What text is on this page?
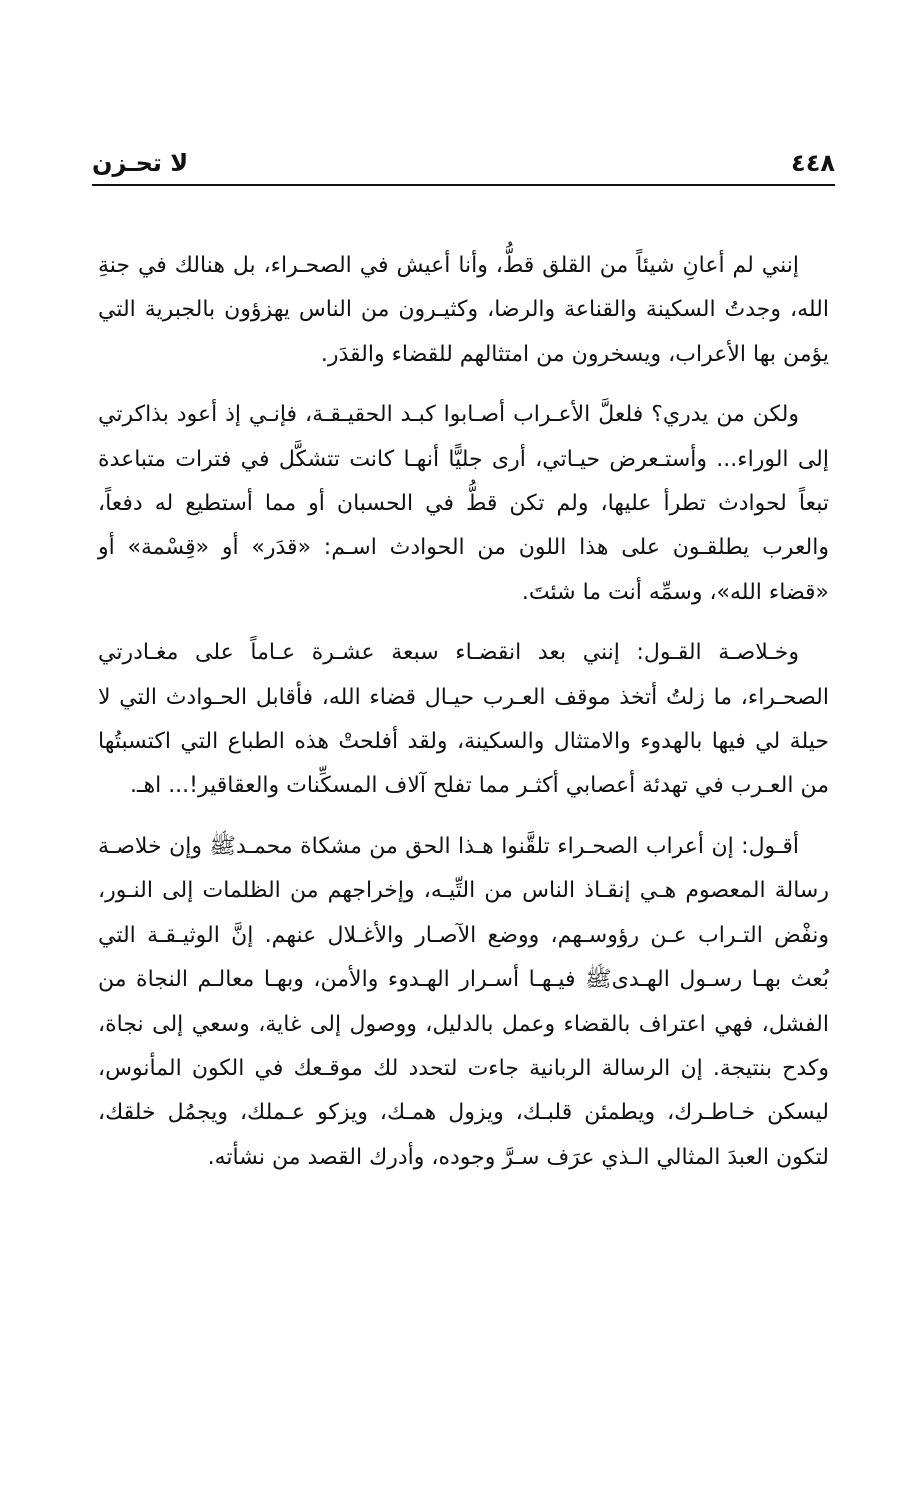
لا تحـزن	٤٤٨

إنني لم أعانِ شيئاً من القلق قطُّ، وأنا أعيش في الصحـراء، بل هنالك في جنةِ الله، وجدتُ السكينة والقناعة والرضا، وكثيـرون من الناس يهزؤون بالجبرية التي يؤمن بها الأعراب، ويسخرون من امتثالهم للقضاء والقدَر.

ولكن من يدري؟ فلعلَّ الأعـراب أصـابوا كبـد الحقيـقـة، فإنـي إذ أعود بذاكرتي إلى الوراء... وأستـعرض حيـاتي، أرى جليًّا أنهـا كانت تتشكَّل في فترات متباعدة تبعاً لحوادث تطرأ عليها، ولم تكن قطُّ في الحسبان أو مما أستطيع له دفعاً، والعرب يطلقـون على هذا اللون من الحوادث اسـم: «قدَر» أو «قِسْمة» أو «قضاء الله»، وسمِّه أنت ما شئتَ.

وخـلاصـة القـول: إنني بعد انقضـاء سبعة عشـرة عـاماً على مغـادرتي الصحـراء، ما زلتُ أتخذ موقف العـرب حيـال قضاء الله، فأقابل الحـوادث التي لا حيلة لي فيها بالهدوء والامتثال والسكينة، ولقد أفلحتْ هذه الطباع التي اكتسبتُها من العـرب في تهدئة أعصابي أكثـر مما تفلح آلاف المسكِّنات والعقاقير!... اهـ.

أقـول: إن أعراب الصحـراء تلقَّنوا هـذا الحق من مشكاة محمـدﷺ وإن خلاصـة رسالة المعصوم هـي إنقـاذ الناس من التِّيـه، وإخراجهم من الظلمات إلى النـور، ونفْض التـراب عـن رؤوسـهم، ووضع الآصـار والأغـلال عنهم. إنَّ الوثيـقـة التي بُعث بهـا رسـول الهـدىﷺ فيـهـا أسـرار الهـدوء والأمن، وبهـا معالـم النجاة من الفشل، فهي اعتراف بالقضاء وعمل بالدليل، ووصول إلى غاية، وسعي إلى نجاة، وكدح بنتيجة. إن الرسالة الربانية جاءت لتحدد لك موقـعك في الكون المأنوس، ليسكن خـاطـرك، ويطمئن قلبـك، ويزول همـك، ويزكو عـملك، ويجمُل خلقك، لتكون العبدَ المثالي الـذي عرَف سـرَّ وجوده، وأدرك القصد من نشأته.
